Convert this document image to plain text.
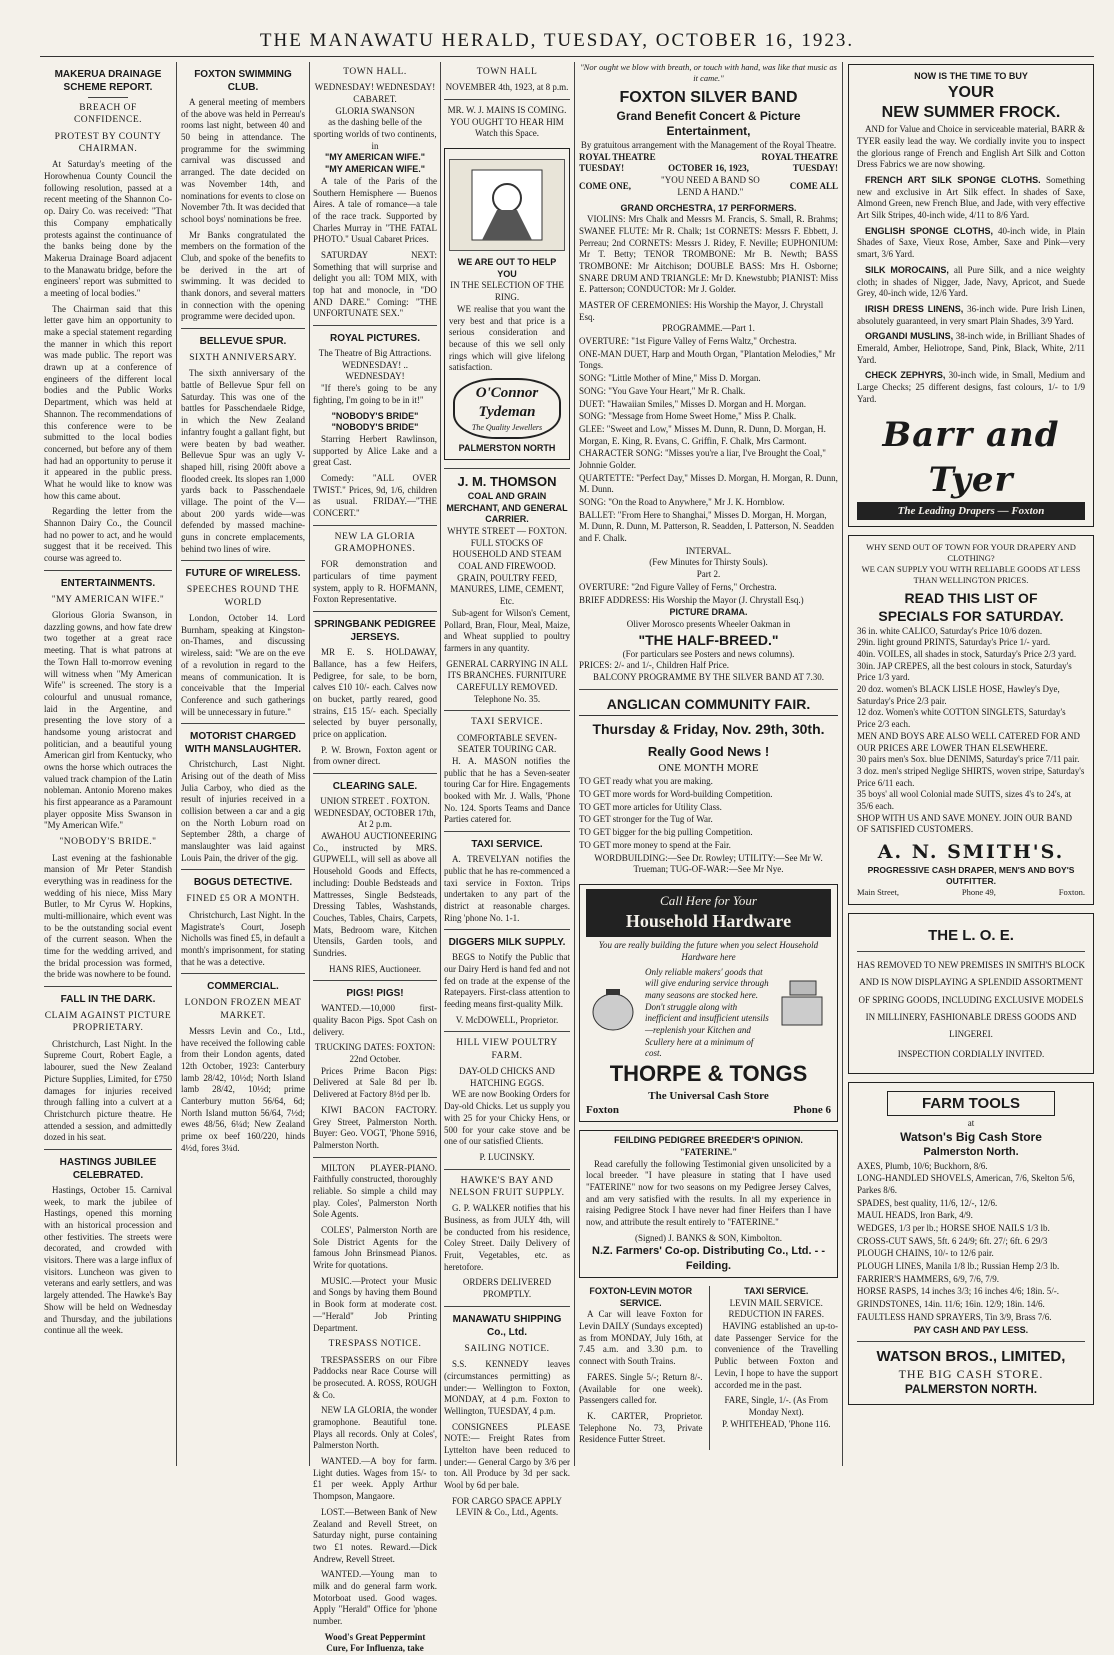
THE MANAWATU HERALD, TUESDAY, OCTOBER 16, 1923.
MAKERUA DRAINAGE SCHEME REPORT.
BREACH OF CONFIDENCE.
PROTEST BY COUNTY CHAIRMAN.

At Saturday's meeting of the Horowhenua County Council the following resolution, passed at a recent meeting of the Shannon Co-op. Dairy Co. was received: "That this Company emphatically protests against the continuance of the banks being done by the Makerua Drainage Board adjacent to the Manawatu bridge, before the engineers' report was submitted to a meeting of local bodies."

The Chairman said that this letter gave him an opportunity to make a special statement regarding the manner in which this report was made public. The report was drawn up at a conference of engineers of the different local bodies and the Public Works Department, which was held at Shannon. The recommendations of this conference were to be submitted to the local bodies concerned, but before any of them had had an opportunity to peruse it it appeared in the public press. What he would like to know was how this came about.

Regarding the letter from the Shannon Dairy Co., the Council had no power to act, and he would suggest that it be received. This course was agreed to.

ENTERTAINMENTS.
"MY AMERICAN WIFE."

Glorious Gloria Swanson, in dazzling gowns, and how fate drew two together at a great race meeting. That is what patrons at the Town Hall to-morrow evening will witness when "My American Wife" is screened. The story is a colourful and unusual romance, laid in the Argentine, and presenting the love story of a handsome young aristocrat and politician, and a beautiful young American girl from Kentucky, who owns the horse which outraces the valued track champion of the Latin nobleman. Antonio Moreno makes his first appearance as a Paramount player opposite Miss Swanson in "My American Wife."

"NOBODY'S BRIDE."

Last evening at the fashionable mansion of Mr Peter Standish everything was in readiness for the wedding of his niece, Miss Mary Butler, to Mr Cyrus W. Hopkins, multi-millionaire, which event was to be the outstanding social event of the current season. When the time for the wedding arrived, and the bridal procession was formed, the bride was nowhere to be found.

FALL IN THE DARK.
CLAIM AGAINST PICTURE PROPRIETARY.

Christchurch, Last Night. In the Supreme Court, Robert Eagle, a labourer, sued the New Zealand Picture Supplies, Limited, for £750 damages for injuries received through falling into a culvert at a Christchurch picture theatre. He attended a session, and admittedly dozed in his seat.

HASTINGS JUBILEE CELEBRATED.

Hastings, October 15. Carnival week, to mark the jubilee of Hastings, opened this morning with an historical procession and other festivities. The streets were decorated, and crowded with visitors. There was a large influx of visitors. Luncheon was given to veterans and early settlers, and was largely attended. The Hawke's Bay Show will be held on Wednesday and Thursday, and the jubilations continue all the week.

FOXTON SWIMMING CLUB.

A general meeting of members of the above was held in Perreau's rooms last night, between 40 and 50 being in attendance. The programme for the swimming carnival was discussed and arranged. The date decided on was November 14th, and nominations for events to close on November 7th. It was decided that school boys' nominations be free.

Mr Banks congratulated the members on the formation of the Club, and spoke of the benefits to be derived in the art of swimming. It was decided to thank donors, and several matters in connection with the opening programme were decided upon.

BELLEVUE SPUR.
SIXTH ANNIVERSARY.

The sixth anniversary of the battle of Bellevue Spur fell on Saturday. This was one of the battles for Passchendaele Ridge, in which the New Zealand infantry fought a gallant fight, but were beaten by bad weather. Bellevue Spur was an ugly V-shaped hill, rising 200ft above a flooded creek. Its slopes ran 1,000 yards back to Passchendaele village. The point of the V—about 200 yards wide—was defended by massed machine-guns in concrete emplacements, behind two lines of wire.

FUTURE OF WIRELESS.
SPEECHES ROUND THE WORLD

London, October 14. Lord Burnham, speaking at Kingston-on-Thames, and discussing wireless, said: "We are on the eve of a revolution in regard to the means of communication. It is conceivable that the Imperial Conference and such gatherings will be unnecessary in future."

MOTORIST CHARGED WITH MANSLAUGHTER.

Christchurch, Last Night. Arising out of the death of Miss Julia Carboy, who died as the result of injuries received in a collision between a car and a gig on the North Loburn road on September 28th, a charge of manslaughter was laid against Louis Pain, the driver of the gig.

BOGUS DETECTIVE.
FINED £5 OR A MONTH.

Christchurch, Last Night. In the Magistrate's Court, Joseph Nicholls was fined £5, in default a month's imprisonment, for stating that he was a detective.

COMMERCIAL.
LONDON FROZEN MEAT MARKET.

Messrs Levin and Co., Ltd., have received the following cable from their London agents, dated 12th October, 1923: Canterbury lamb 28/42, 10½d; North Island lamb 28/42, 10½d; prime Canterbury mutton 56/64, 6d; North Island mutton 56/64, 7½d; ewes 48/56, 6¼d; New Zealand prime ox beef 160/220, hinds 4½d, fores 3¼d.

TOWN HALL.
WEDNESDAY! WEDNESDAY!
CABARET.
GLORIA SWANSON
as the dashing belle of the sporting worlds of two continents, in
"MY AMERICAN WIFE."
"MY AMERICAN WIFE."

A tale of the Paris of the Southern Hemisphere — Buenos Aires. A tale of romance—a tale of the race track. Supported by Charles Murray in "THE FATAL PHOTO." Usual Cabaret Prices.

SATURDAY NEXT: Something that will surprise and delight you all: TOM MIX, with top hat and monocle, in "DO AND DARE." Coming: "THE UNFORTUNATE SEX."

ROYAL PICTURES.
The Theatre of Big Attractions.
WEDNESDAY! .. WEDNESDAY!

"If there's going to be any fighting, I'm going to be in it!"

"NOBODY'S BRIDE"
"NOBODY'S BRIDE"

Starring Herbert Rawlinson, supported by Alice Lake and a great Cast.

Comedy: "ALL OVER TWIST." Prices, 9d, 1/6, children as usual. FRIDAY.—"THE CONCERT."

NEW LA GLORIA GRAMOPHONES.

FOR demonstration and particulars of time payment system, apply to R. HOFMANN, Foxton Representative.

SPRINGBANK PEDIGREE JERSEYS.

MR E. S. HOLDAWAY, Ballance, has a few Heifers, Pedigree, for sale, to be born, calves £10 10/- each. Calves now on bucket, partly reared, good strains, £15 15/- each. Specially selected by buyer personally, price on application.

P. W. Brown, Foxton agent or from owner direct.

CLEARING SALE.
UNION STREET . FOXTON. WEDNESDAY, OCTOBER 17th, At 2 p.m.

AWAHOU AUCTIONEERING Co., instructed by MRS. GUPWELL, will sell as above all Household Goods and Effects, including: Double Bedsteads and Mattresses, Single Bedsteads, Dressing Tables, Washstands, Couches, Tables, Chairs, Carpets, Mats, Bedroom ware, Kitchen Utensils, Garden tools, and Sundries.

HANS RIES, Auctioneer.
PIGS! PIGS!

WANTED.—10,000 first-quality Bacon Pigs. Spot Cash on delivery.

TRUCKING DATES: FOXTON: 22nd October.

Prices Prime Bacon Pigs: Delivered at Sale 8d per lb. Delivered at Factory 8½d per lb.

KIWI BACON FACTORY. Grey Street, Palmerston North. Buyer: Geo. VOGT, 'Phone 5916, Palmerston North.

MILTON PLAYER-PIANO. Faithfully constructed, thoroughly reliable. So simple a child may play. Coles', Palmerston North Sole Agents.

COLES', Palmerston North are Sole District Agents for the famous John Brinsmead Pianos. Write for quotations.

MUSIC.—Protect your Music and Songs by having them Bound in Book form at moderate cost.—"Herald" Job Printing Department.

TRESPASS NOTICE.

TRESPASSERS on our Fibre Paddocks near Race Course will be prosecuted. A. ROSS, ROUGH & Co.

NEW LA GLORIA, the wonder gramophone. Beautiful tone. Plays all records. Only at Coles', Palmerston North.

WANTED.—A boy for farm. Light duties. Wages from 15/- to £1 per week. Apply Arthur Thompson, Mangaore.

LOST.—Between Bank of New Zealand and Revell Street, on Saturday night, purse containing two £1 notes. Reward.—Dick Andrew, Revell Street.

WANTED.—Young man to milk and do general farm work. Motorboat used. Good wages. Apply "Herald" Office for 'phone number.

Wood's Great Peppermint Cure, For Influenza, take
TOWN HALL
NOVEMBER 4th, 1923, at 8 p.m.
MR. W. J. MAINS IS COMING.
YOU OUGHT TO HEAR HIM
Watch this Space.
WE ARE OUT TO HELP YOU
IN THE SELECTION OF THE RING.

WE realise that you want the very best and that price is a serious consideration and because of this we sell only rings which will give lifelong satisfaction.

O'Connor Tydeman
The Quality Jewellers
PALMERSTON NORTH
J. M. THOMSON
COAL AND GRAIN MERCHANT, AND GENERAL CARRIER.
WHYTE STREET — FOXTON.
FULL STOCKS OF HOUSEHOLD AND STEAM COAL AND FIREWOOD.
GRAIN, POULTRY FEED, MANURES, LIME, CEMENT, Etc.

Sub-agent for Wilson's Cement, Pollard, Bran, Flour, Meal, Maize, and Wheat supplied to poultry farmers in any quantity.

GENERAL CARRYING IN ALL ITS BRANCHES. FURNITURE CAREFULLY REMOVED. Telephone No. 35.
TAXI SERVICE.
COMFORTABLE SEVEN-SEATER TOURING CAR.

H. A. MASON notifies the public that he has a Seven-seater touring Car for Hire. Engagements booked with Mr. J. Walls, 'Phone No. 124. Sports Teams and Dance Parties catered for.

TAXI SERVICE.

A. TREVELYAN notifies the public that he has re-commenced a taxi service in Foxton. Trips undertaken to any part of the district at reasonable charges. Ring 'phone No. 1-1.

DIGGERS MILK SUPPLY.

BEGS to Notify the Public that our Dairy Herd is hand fed and not fed on trade at the expense of the Ratepayers. First-class attention to feeding means first-quality Milk.

V. McDOWELL, Proprietor.
HILL VIEW POULTRY FARM.
DAY-OLD CHICKS AND HATCHING EGGS.

WE are now Booking Orders for Day-old Chicks. Let us supply you with 25 for your Chicky Hens, or 500 for your cake stove and be one of our satisfied Clients.

P. LUCINSKY.
HAWKE'S BAY AND NELSON FRUIT SUPPLY.

G. P. WALKER notifies that his Business, as from JULY 4th, will be conducted from his residence, Coley Street. Daily Delivery of Fruit, Vegetables, etc. as heretofore.

ORDERS DELIVERED PROMPTLY.
MANAWATU SHIPPING Co., Ltd.
SAILING NOTICE.

S.S. KENNEDY leaves (circumstances permitting) as under:— Wellington to Foxton, MONDAY, at 4 p.m. Foxton to Wellington, TUESDAY, 4 p.m.

CONSIGNEES PLEASE NOTE:— Freight Rates from Lyttelton have been reduced to under:— General Cargo by 3/6 per ton. All Produce by 3d per sack. Wool by 6d per bale.

FOR CARGO SPACE APPLY LEVIN & Co., Ltd., Agents.
"Nor ought we blow with breath, or touch with hand, was like that music as it came."
FOXTON SILVER BAND
Grand Benefit Concert & Picture Entertainment,
By gratuitous arrangement with the Management of the Royal Theatre.
ROYAL THEATRE	ROYAL THEATRE
TUESDAY!	OCTOBER 16, 1923,	TUESDAY!
COME ONE,
"YOU NEED A BAND SO LEND A HAND."
COME ALL
GRAND ORCHESTRA, 17 PERFORMERS.

VIOLINS: Mrs Chalk and Messrs M. Francis, S. Small, R. Brahms; SWANEE FLUTE: Mr R. Chalk; 1st CORNETS: Messrs F. Ebbett, J. Perreau; 2nd CORNETS: Messrs J. Ridey, F. Neville; EUPHONIUM: Mr T. Betty; TENOR TROMBONE: Mr B. Newth; BASS TROMBONE: Mr Aitchison; DOUBLE BASS: Mrs H. Osborne; SNARE DRUM AND TRIANGLE: Mr D. Knewstubb; PIANIST: Miss E. Patterson; CONDUCTOR: Mr J. Golder.

MASTER OF CEREMONIES: His Worship the Mayor, J. Chrystall Esq.
PROGRAMME.—Part 1.
OVERTURE: "1st Figure Valley of Ferns Waltz," Orchestra.
ONE-MAN DUET, Harp and Mouth Organ, "Plantation Melodies," Mr Tongs.
SONG: "Little Mother of Mine," Miss D. Morgan.
SONG: "You Gave Your Heart," Mr R. Chalk.
DUET: "Hawaiian Smiles," Misses D. Morgan and H. Morgan.
SONG: "Message from Home Sweet Home," Miss P. Chalk.
GLEE: "Sweet and Low," Misses M. Dunn, R. Dunn, D. Morgan, H. Morgan, E. King, R. Evans, C. Griffin, F. Chalk, Mrs Carmont.
CHARACTER SONG: "Misses you're a liar, I've Brought the Coal," Johnnie Golder.
QUARTETTE: "Perfect Day," Misses D. Morgan, H. Morgan, R. Dunn, M. Dunn.
SONG: "On the Road to Anywhere," Mr J. K. Hornblow.
BALLET: "From Here to Shanghai," Misses D. Morgan, H. Morgan, M. Dunn, R. Dunn, M. Patterson, R. Seadden, I. Patterson, N. Seadden and F. Chalk.
INTERVAL.
(Few Minutes for Thirsty Souls).
Part 2.
OVERTURE: "2nd Figure Valley of Ferns," Orchestra.
BRIEF ADDRESS: His Worship the Mayor (J. Chrystall Esq.)
PICTURE DRAMA.
Oliver Morosco presents Wheeler Oakman in
"THE HALF-BREED."
(For particulars see Posters and news columns).
PRICES: 2/- and 1/-, Children Half Price.
BALCONY PROGRAMME BY THE SILVER BAND AT 7.30.
ANGLICAN COMMUNITY FAIR.
Thursday & Friday, Nov. 29th, 30th.
Really Good News !
ONE MONTH MORE
TO GET ready what you are making.
TO GET more words for Word-building Competition.
TO GET more articles for Utility Class.
TO GET stronger for the Tug of War.
TO GET bigger for the big pulling Competition.
TO GET more money to spend at the Fair.
WORDBUILDING:—See Dr. Rowley; UTILITY:—See Mr W. Trueman; TUG-OF-WAR:—See Mr Nye.
Call Here for Your
Household Hardware
You are really building the future when you select Household Hardware here
Only reliable makers' goods that will give enduring service through many seasons are stocked here.
Don't struggle along with inefficient and insufficient utensils—replenish your Kitchen and Scullery here at a minimum of cost.
THORPE & TONGS
The Universal Cash Store
Foxton	Phone 6
FEILDING PEDIGREE BREEDER'S OPINION.
"FATERINE."

Read carefully the following Testimonial given unsolicited by a local breeder. "I have pleasure in stating that I have used "FATERINE" now for two seasons on my Pedigree Jersey Calves, and am very satisfied with the results. In all my experience in raising Pedigree Stock I have never had finer Heifers than I have now, and attribute the result entirely to "FATERINE."

(Signed) J. BANKS & SON, Kimbolton.
N.Z. Farmers' Co-op. Distributing Co., Ltd. - - Feilding.
FOXTON-LEVIN MOTOR SERVICE.

A Car will leave Foxton for Levin DAILY (Sundays excepted) as from MONDAY, July 16th, at 7.45 a.m. and 3.30 p.m. to connect with South Trains.

FARES. Single 5/-; Return 8/-. (Available for one week). Passengers called for.

K. CARTER, Proprietor. Telephone No. 73, Private Residence Futter Street.

TAXI SERVICE.
LEVIN MAIL SERVICE.
REDUCTION IN FARES.

HAVING established an up-to-date Passenger Service for the convenience of the Travelling Public between Foxton and Levin, I hope to have the support accorded me in the past.

FARE, Single, 1/-. (As From Monday Next).
P. WHITEHEAD, 'Phone 116.
NOW IS THE TIME TO BUY
YOUR
NEW SUMMER FROCK.

AND for Value and Choice in serviceable material, BARR & TYER easily lead the way. We cordially invite you to inspect the glorious range of French and English Art Silk and Cotton Dress Fabrics we are now showing.

FRENCH ART SILK SPONGE CLOTHS. Something new and exclusive in Art Silk effect. In shades of Saxe, Almond Green, new French Blue, and Jade, with very effective Art Silk Stripes, 40-inch wide, 4/11 to 8/6 Yard.

ENGLISH SPONGE CLOTHS, 40-inch wide, in Plain Shades of Saxe, Vieux Rose, Amber, Saxe and Pink—very smart, 3/6 Yard.

SILK MOROCAINS, all Pure Silk, and a nice weighty cloth; in shades of Nigger, Jade, Navy, Apricot, and Suede Grey, 40-inch wide, 12/6 Yard.

IRISH DRESS LINENS, 36-inch wide. Pure Irish Linen, absolutely guaranteed, in very smart Plain Shades, 3/9 Yard.

ORGANDI MUSLINS, 38-inch wide, in Brilliant Shades of Emerald, Amber, Heliotrope, Sand, Pink, Black, White, 2/11 Yard.

CHECK ZEPHYRS, 30-inch wide, in Small, Medium and Large Checks; 25 different designs, fast colours, 1/- to 1/9 Yard.

Barr and Tyer
The Leading Drapers — Foxton
WHY SEND OUT OF TOWN FOR YOUR DRAPERY AND CLOTHING?
WE CAN SUPPLY YOU WITH RELIABLE GOODS AT LESS THAN WELLINGTON PRICES.
READ THIS LIST OF
SPECIALS FOR SATURDAY.
36 in. white CALICO, Saturday's Price 10/6 dozen.
29in. light ground PRINTS, Saturday's Price 1/- yard.
40in. VOILES, all shades in stock, Saturday's Price 2/3 yard.
30in. JAP CREPES, all the best colours in stock, Saturday's Price 1/3 yard.
20 doz. women's BLACK LISLE HOSE, Hawley's Dye, Saturday's Price 2/3 pair.
12 doz. Women's white COTTON SINGLETS, Saturday's Price 2/3 each.
MEN AND BOYS ARE ALSO WELL CATERED FOR AND OUR PRICES ARE LOWER THAN ELSEWHERE.
30 pairs men's Sox. blue DENIMS, Saturday's price 7/11 pair.
3 doz. men's striped Neglige SHIRTS, woven stripe, Saturday's Price 6/11 each.
35 boys' all wool Colonial made SUITS, sizes 4's to 24's, at 35/6 each.
SHOP WITH US AND SAVE MONEY. JOIN OUR BAND OF SATISFIED CUSTOMERS.
A. N. SMITH'S.
PROGRESSIVE CASH DRAPER, MEN'S AND BOY'S OUTFITTER.
Main Street,	Phone 49,	Foxton.
THE L. O. E.
HAS REMOVED TO NEW PREMISES IN SMITH'S BLOCK AND IS NOW DISPLAYING A SPLENDID ASSORTMENT OF SPRING GOODS, INCLUDING EXCLUSIVE MODELS IN MILLINERY, FASHIONABLE DRESS GOODS AND LINGEREI.
INSPECTION CORDIALLY INVITED.
FARM TOOLS
at
Watson's Big Cash Store
Palmerston North.
AXES, Plumb, 10/6; Buckhorn, 8/6.
LONG-HANDLED SHOVELS, American, 7/6, Skelton 5/6, Parkes 8/6.
SPADES, best quality, 11/6, 12/-, 12/6.
MAUL HEADS, Iron Bark, 4/9.
WEDGES, 1/3 per lb.; HORSE SHOE NAILS 1/3 lb.
CROSS-CUT SAWS, 5ft. 6 24/9; 6ft. 27/; 6ft. 6 29/3
PLOUGH CHAINS, 10/- to 12/6 pair.
PLOUGH LINES, Manila 1/8 lb.; Russian Hemp 2/3 lb.
FARRIER'S HAMMERS, 6/9, 7/6, 7/9.
HORSE RASPS, 14 inches 3/3; 16 inches 4/6; 18in. 5/-.
GRINDSTONES, 14in. 11/6; 16in. 12/9; 18in. 14/6.
FAULTLESS HAND SPRAYERS, Tin 3/9, Brass 7/6.
PAY CASH AND PAY LESS.
WATSON BROS., LIMITED,
THE BIG CASH STORE.
PALMERSTON NORTH.
